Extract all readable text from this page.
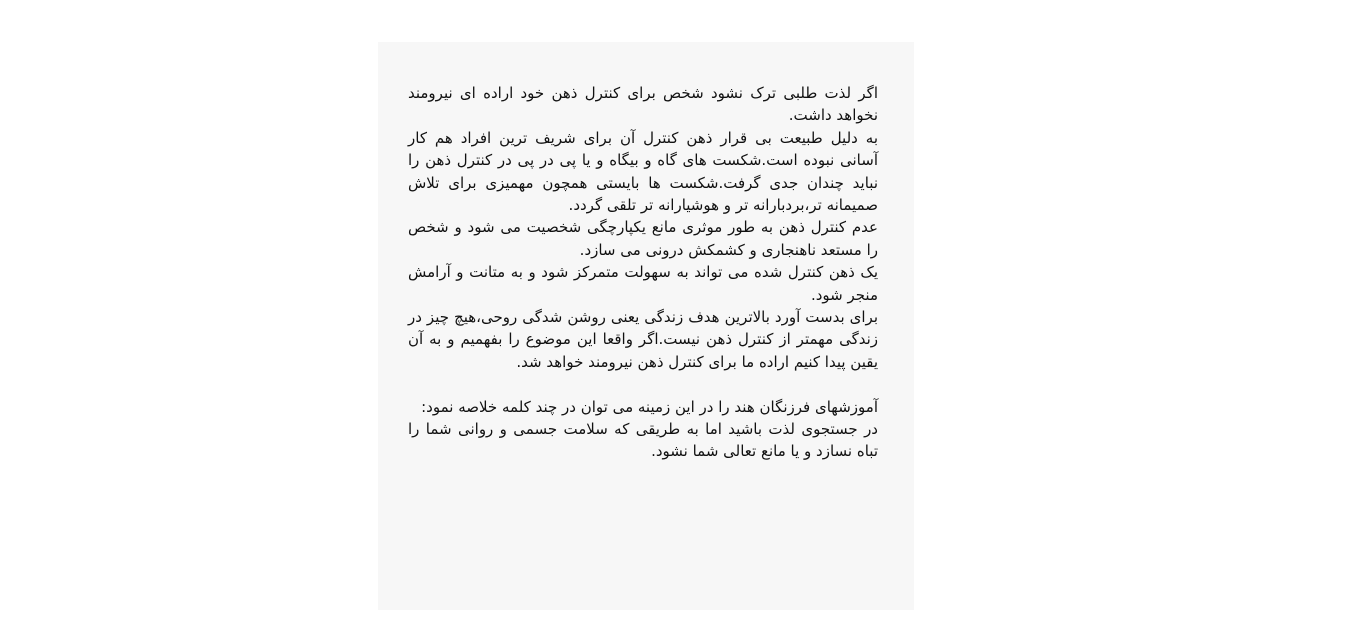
اگر لذت طلبی ترک نشود شخص برای کنترل ذهن خود اراده ای نیرومند نخواهد داشت.

به دلیل طبیعت بی قرار ذهن کنترل آن برای شریف ترین افراد هم کار آسانی نبوده است.شکست های گاه و بیگاه و یا پی در پی در کنترل ذهن را نباید چندان جدی گرفت.شکست ها بایستی همچون مهمیزی برای تلاش صمیمانه تر،بردبارانه تر و هوشیارانه تر تلقی گردد.

عدم کنترل ذهن به طور موثری مانع یکپارچگی شخصیت می شود و شخص را مستعد ناهنجاری و کشمکش درونی می سازد.

یک ذهن کنترل شده می تواند به سهولت متمرکز شود و به متانت و آرامش منجر شود.

برای بدست آورد بالاترین هدف زندگی یعنی روشن شدگی روحی،هیچ چیز در زندگی مهمتر از کنترل ذهن نیست.اگر واقعا این موضوع را بفهمیم و به آن یقین پیدا کنیم اراده ما برای کنترل ذهن نیرومند خواهد شد.

آموزشهای فرزنگان هند را در این زمینه می توان در چند کلمه خلاصه نمود:

در جستجوی لذت باشید اما به طریقی که سلامت جسمی و روانی شما را تباه نسازد و یا مانع تعالی شما نشود.
